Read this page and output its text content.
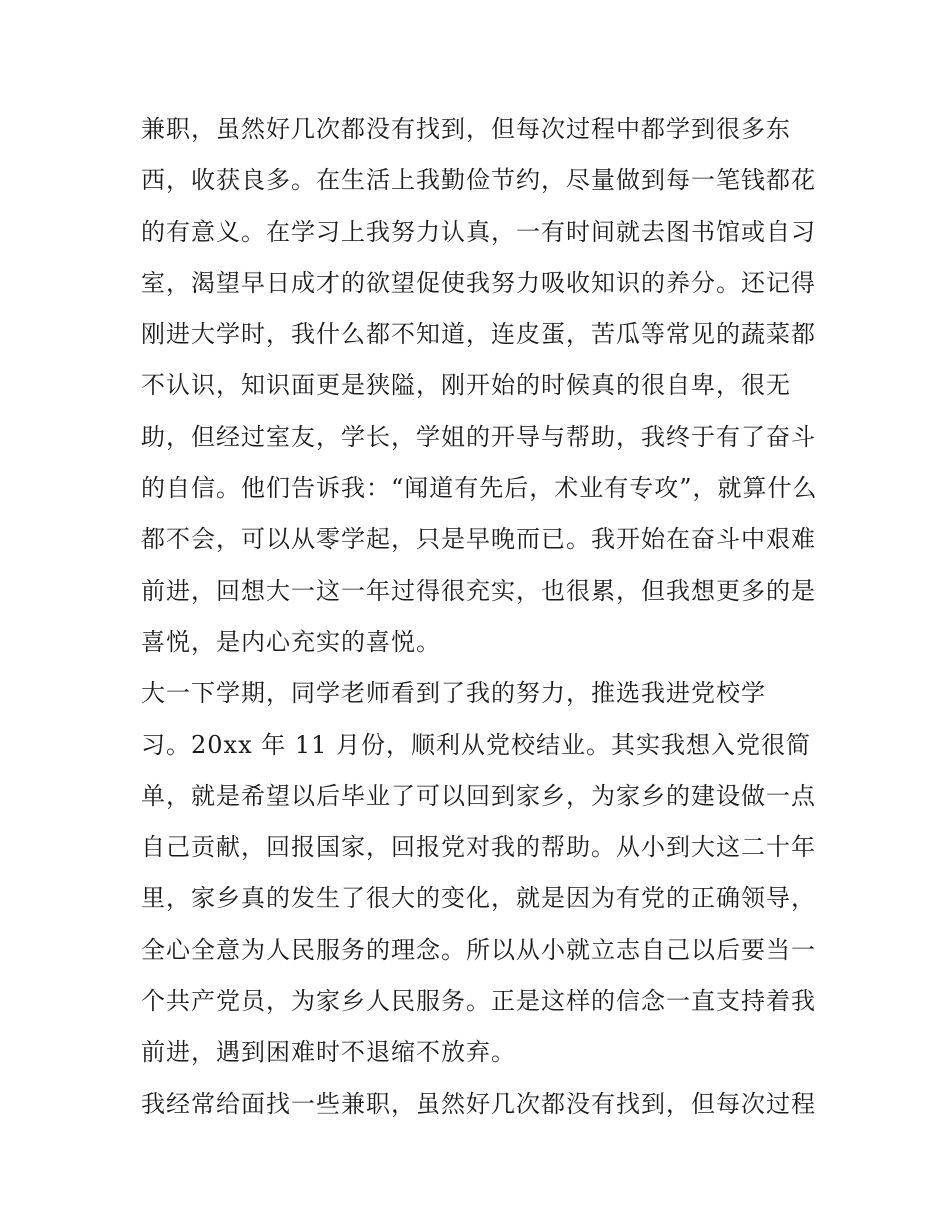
兼职，虽然好几次都没有找到，但每次过程中都学到很多东
西，收获良多。在生活上我勤俭节约，尽量做到每一笔钱都花
的有意义。在学习上我努力认真，一有时间就去图书馆或自习
室，渴望早日成才的欲望促使我努力吸收知识的养分。还记得
刚进大学时，我什么都不知道，连皮蛋，苦瓜等常见的蔬菜都
不认识，知识面更是狭隘，刚开始的时候真的很自卑，很无
助，但经过室友，学长，学姐的开导与帮助，我终于有了奋斗
的自信。他们告诉我：“闻道有先后，术业有专攻”，就算什么
都不会，可以从零学起，只是早晚而已。我开始在奋斗中艰难
前进，回想大一这一年过得很充实，也很累，但我想更多的是
喜悦，是内心充实的喜悦。
大一下学期，同学老师看到了我的努力，推选我进党校学
习。20xx 年 11 月份，顺利从党校结业。其实我想入党很简
单，就是希望以后毕业了可以回到家乡，为家乡的建设做一点
自己贡献，回报国家，回报党对我的帮助。从小到大这二十年
里，家乡真的发生了很大的变化，就是因为有党的正确领导，
全心全意为人民服务的理念。所以从小就立志自己以后要当一
个共产党员，为家乡人民服务。正是这样的信念一直支持着我
前进，遇到困难时不退缩不放弃。
我经常给面找一些兼职，虽然好几次都没有找到，但每次过程
